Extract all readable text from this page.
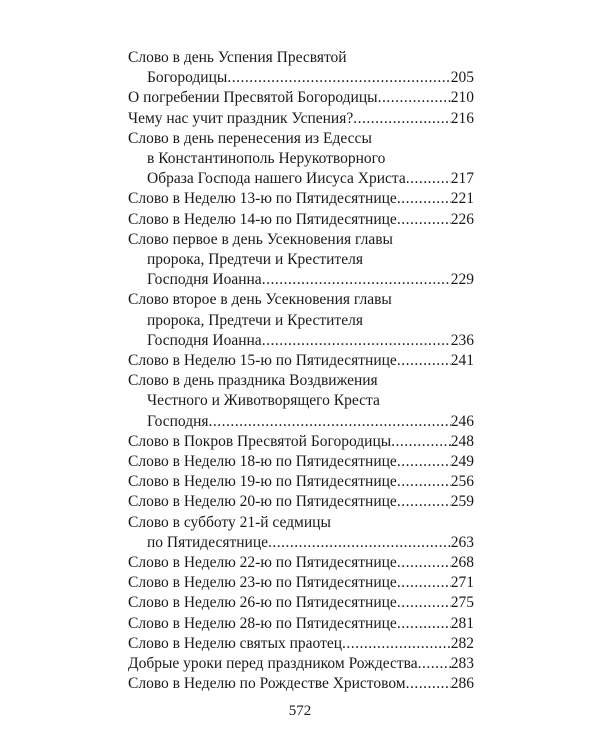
Слово в день Успения Пресвятой
Богородицы .....	205
О погребении Пресвятой Богородицы .....	210
Чему нас учит праздник Успения? .....	216
Слово в день перенесения из Едессы
в Константинополь Нерукотворного
Образа Господа нашего Иисуса Христа .....	217
Слово в Неделю 13-ю по Пятидесятнице .....	221
Слово в Неделю 14-ю по Пятидесятнице .....	226
Слово первое в день Усекновения главы
пророка, Предтечи и Крестителя
Господня Иоанна .....	229
Слово второе в день Усекновения главы
пророка, Предтечи и Крестителя
Господня Иоанна .....	236
Слово в Неделю 15-ю по Пятидесятнице .....	241
Слово в день праздника Воздвижения
Честного и Животворящего Креста
Господня .....	246
Слово в Покров Пресвятой Богородицы .....	248
Слово в Неделю 18-ю по Пятидесятнице .....	249
Слово в Неделю 19-ю по Пятидесятнице .....	256
Слово в Неделю 20-ю по Пятидесятнице .....	259
Слово в субботу 21-й седмицы
по Пятидесятнице .....	263
Слово в Неделю 22-ю по Пятидесятнице .....	268
Слово в Неделю 23-ю по Пятидесятнице .....	271
Слово в Неделю 26-ю по Пятидесятнице .....	275
Слово в Неделю 28-ю по Пятидесятнице .....	281
Слово в Неделю святых праотец .....	282
Добрые уроки перед праздником Рождества ..... 283
Слово в Неделю по Рождестве Христовом .....	286
572
